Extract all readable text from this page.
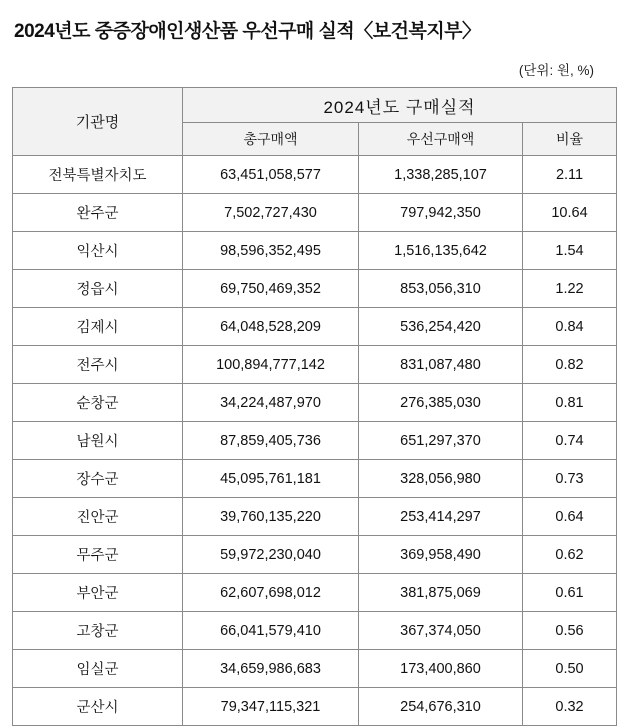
2024년도 중증장애인생산품 우선구매 실적〈보건복지부〉
(단위: 원, %)
기관명	2024년도 구매실적		
	총구매액	우선구매액	비율
전북특별자치도	63,451,058,577	1,338,285,107	2.11
완주군	7,502,727,430	797,942,350	10.64
익산시	98,596,352,495	1,516,135,642	1.54
정읍시	69,750,469,352	853,056,310	1.22
김제시	64,048,528,209	536,254,420	0.84
전주시	100,894,777,142	831,087,480	0.82
순창군	34,224,487,970	276,385,030	0.81
남원시	87,859,405,736	651,297,370	0.74
장수군	45,095,761,181	328,056,980	0.73
진안군	39,760,135,220	253,414,297	0.64
무주군	59,972,230,040	369,958,490	0.62
부안군	62,607,698,012	381,875,069	0.61
고창군	66,041,579,410	367,374,050	0.56
임실군	34,659,986,683	173,400,860	0.50
군산시	79,347,115,321	254,676,310	0.32
